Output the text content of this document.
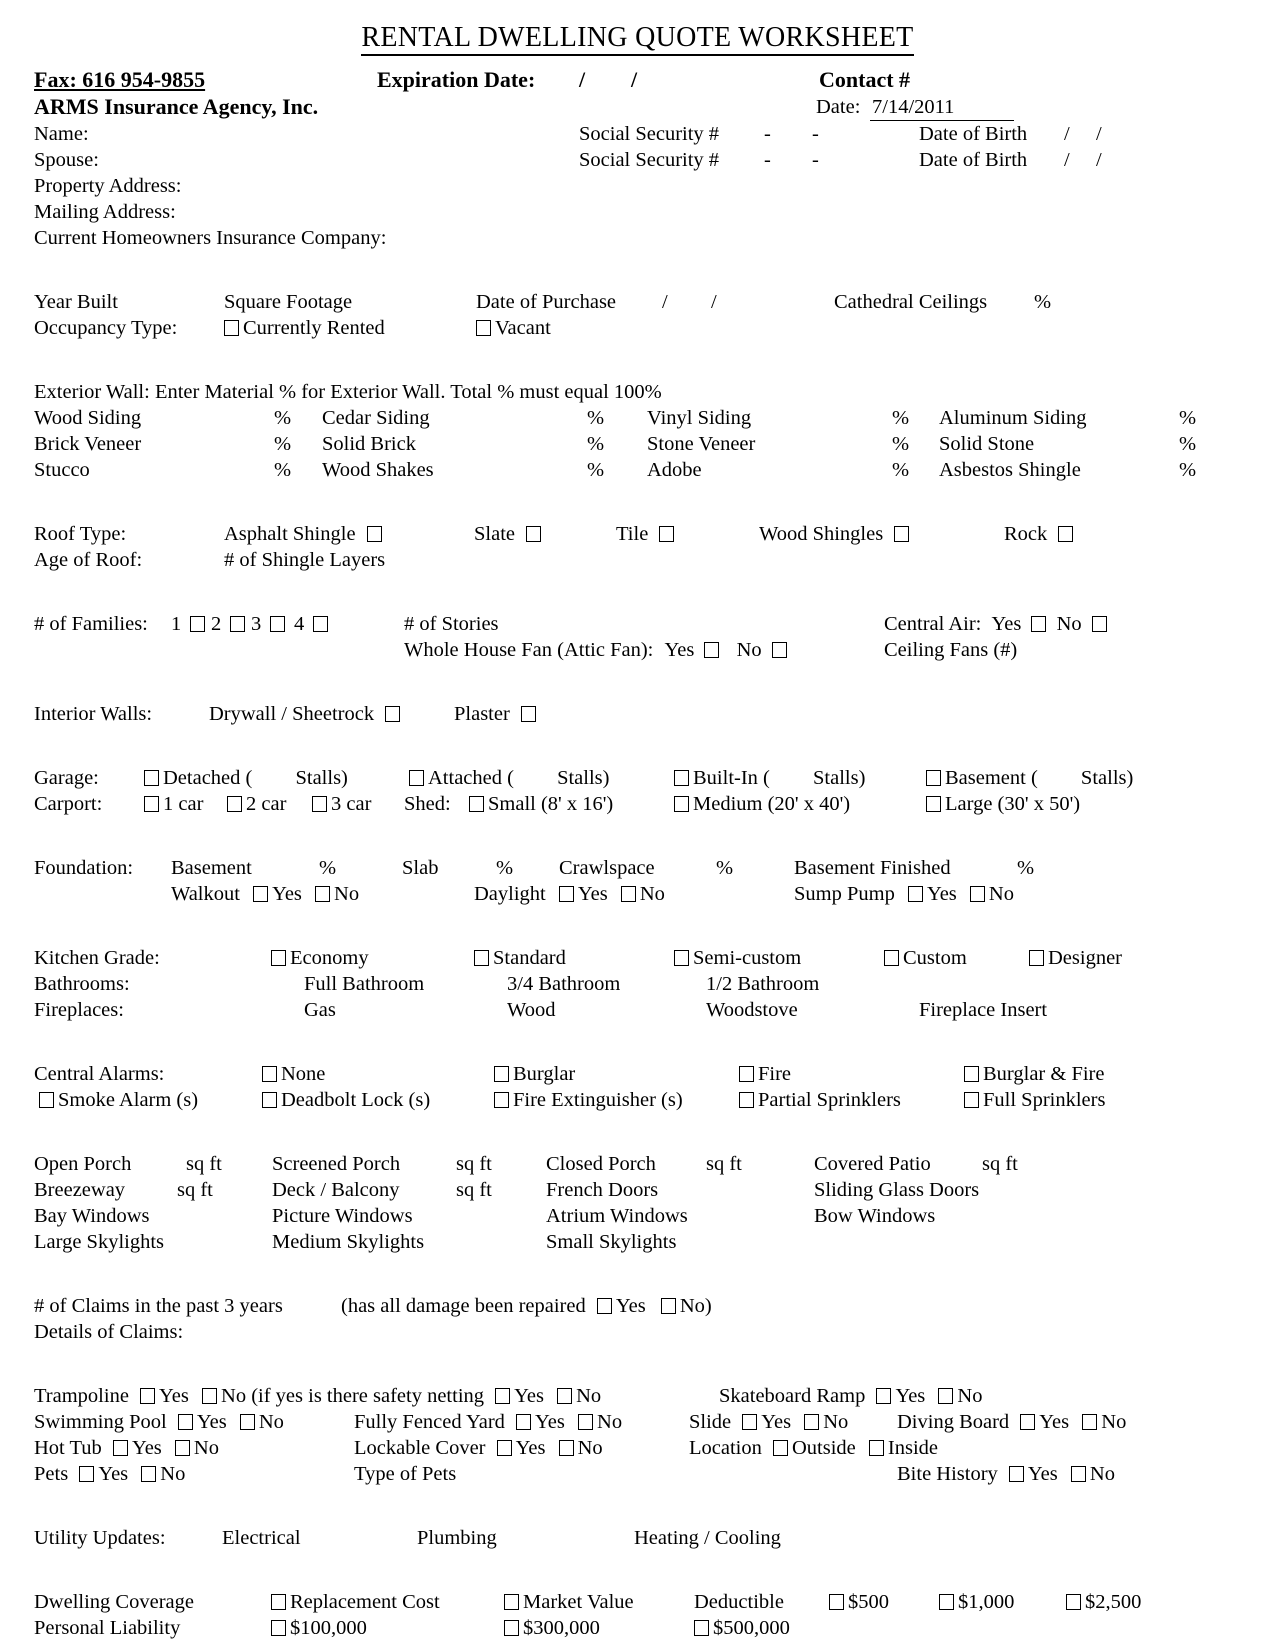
RENTAL DWELLING QUOTE WORKSHEET
Fax: 616 954-9855	Expiration Date: / /	Contact #
ARMS Insurance Agency, Inc.	Date: 7/14/2011
Name:	Social Security # - -	Date of Birth / /
Spouse:	Social Security # - -	Date of Birth / /
Property Address:
Mailing Address:
Current Homeowners Insurance Company:
Year Built	Square Footage	Date of Purchase / /	Cathedral Ceilings %
Occupancy Type:	Currently Rented	Vacant
Exterior Wall: Enter Material % for Exterior Wall. Total % must equal 100%
Wood Siding	% Cedar Siding	% Vinyl Siding	% Aluminum Siding	%
Brick Veneer	% Solid Brick	% Stone Veneer	% Solid Stone	%
Stucco	% Wood Shakes	% Adobe	% Asbestos Shingle	%
Roof Type:	Asphalt Shingle	Slate	Tile	Wood Shingles	Rock
Age of Roof:	# of Shingle Layers
# of Families: 1	2	3	4	# of Stories	Central Air: Yes No
Whole House Fan (Attic Fan): Yes No	Ceiling Fans (#)
Interior Walls:	Drywall / Sheetrock	Plaster
Garage:	Detached ( Stalls)	Attached ( Stalls)	Built-In ( Stalls)	Basement ( Stalls)
Carport:	1 car	2 car	3 car Shed:	Small (8' x 16')	Medium (20' x 40')	Large (30' x 50')
Foundation: Basement	%	Slab	% Crawlspace	%	Basement Finished	%
Walkout Yes No	Daylight Yes No	Sump Pump Yes No
Kitchen Grade:	Economy	Standard	Semi-custom	Custom	Designer
Bathrooms:	Full Bathroom	3/4 Bathroom	1/2 Bathroom
Fireplaces:	Gas	Wood	Woodstove	Fireplace Insert
Central Alarms:	None	Burglar	Fire	Burglar & Fire
Smoke Alarm (s)	Deadbolt Lock (s)	Fire Extinguisher (s)	Partial Sprinklers	Full Sprinklers
Open Porch	sq ft Screened Porch	sq ft	Closed Porch sq ft	Covered Patio	sq ft
Breezeway	sq ft	Deck / Balcony	sq ft	French Doors	Sliding Glass Doors
Bay Windows	Picture Windows	Atrium Windows	Bow Windows
Large Skylights	Medium Skylights	Small Skylights
# of Claims in the past 3 years	(has all damage been repaired Yes No)
Details of Claims:
Trampoline Yes No (if yes is there safety netting Yes No	Skateboard Ramp Yes No
Swimming Pool Yes No	Fully Fenced Yard Yes No	Slide Yes No Diving Board Yes No
Hot Tub Yes No	Lockable Cover Yes No	Location Outside Inside
Pets Yes No	Type of Pets	Bite History Yes No
Utility Updates:	Electrical	Plumbing	Heating / Cooling
Dwelling Coverage	Replacement Cost	Market Value	Deductible	$500	$1,000	$2,500
Personal Liability	$100,000	$300,000	$500,000
